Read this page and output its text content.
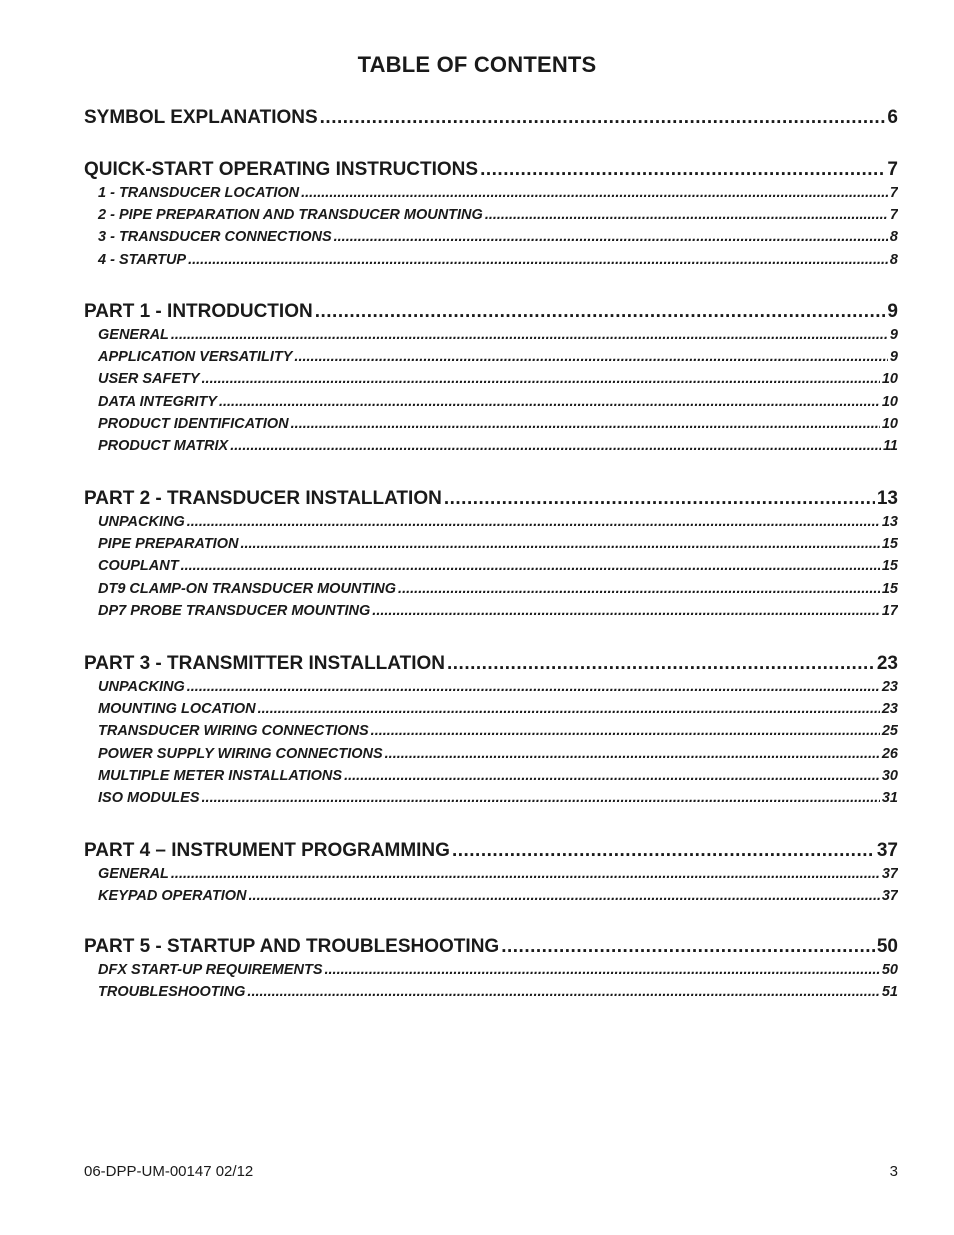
TABLE OF CONTENTS
SYMBOL EXPLANATIONS .....	6
QUICK-START OPERATING INSTRUCTIONS .....	7
1 - TRANSDUCER LOCATION .....	7
2 - PIPE PREPARATION AND TRANSDUCER MOUNTING .....	7
3 - TRANSDUCER CONNECTIONS .....	8
4 - STARTUP .....	8
PART 1 - INTRODUCTION .....	9
GENERAL .....	9
APPLICATION VERSATILITY .....	9
USER SAFETY .....	10
DATA INTEGRITY .....	10
PRODUCT IDENTIFICATION .....	10
PRODUCT MATRIX .....	11
PART 2 - TRANSDUCER INSTALLATION .....	13
UNPACKING .....	13
PIPE PREPARATION .....	15
COUPLANT .....	15
DT9 CLAMP-ON TRANSDUCER MOUNTING .....	15
DP7 PROBE TRANSDUCER MOUNTING .....	17
PART 3 - TRANSMITTER INSTALLATION .....	23
UNPACKING .....	23
MOUNTING LOCATION .....	23
TRANSDUCER WIRING CONNECTIONS .....	25
POWER SUPPLY WIRING CONNECTIONS .....	26
MULTIPLE METER INSTALLATIONS .....	30
ISO MODULES .....	31
PART 4 – INSTRUMENT PROGRAMMING .....	37
GENERAL .....	37
KEYPAD OPERATION .....	37
PART 5 - STARTUP AND TROUBLESHOOTING .....	50
DFX START-UP REQUIREMENTS .....	50
TROUBLESHOOTING .....	51
06-DPP-UM-00147 02/12	3
